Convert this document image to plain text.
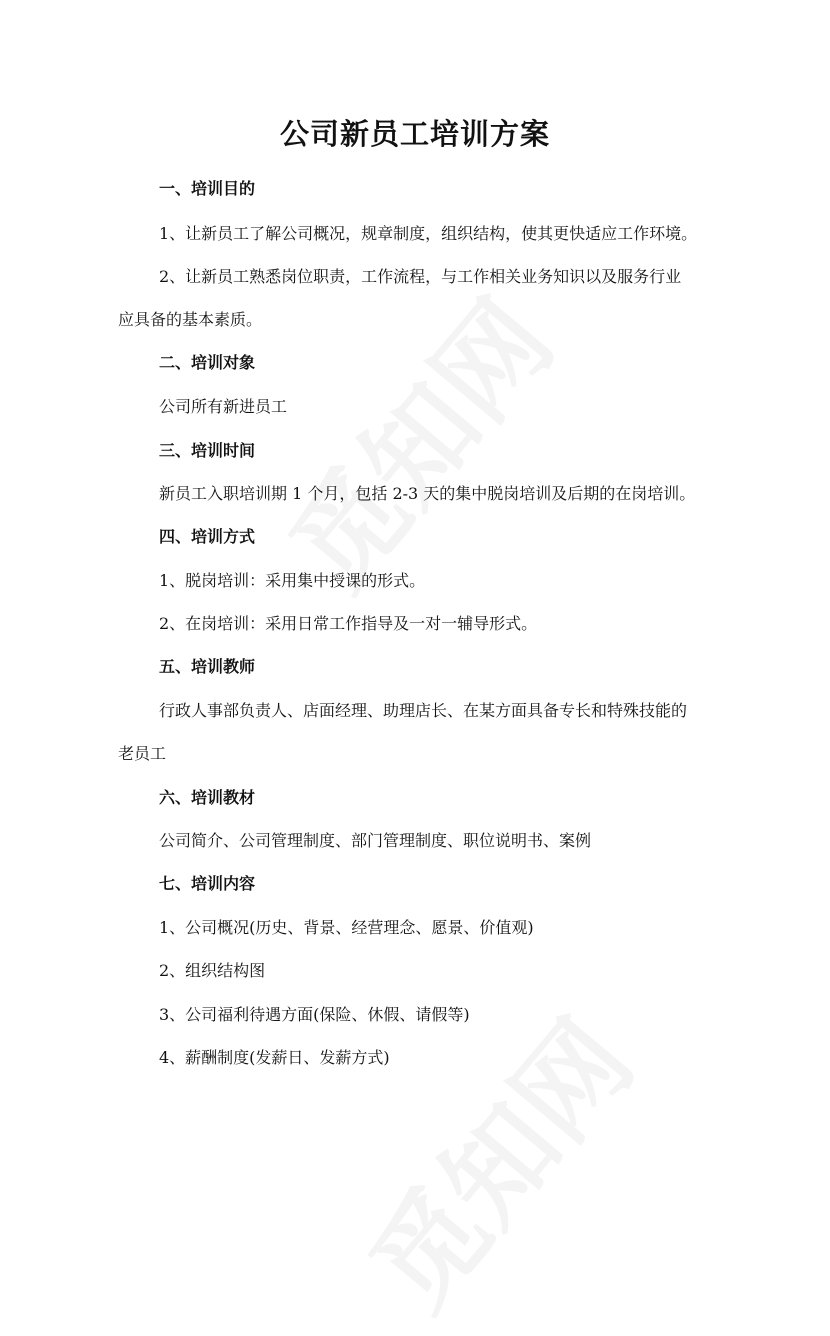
公司新员工培训方案

一、培训目的

1、让新员工了解公司概况，规章制度，组织结构，使其更快适应工作环境。

2、让新员工熟悉岗位职责，工作流程，与工作相关业务知识以及服务行业

应具备的基本素质。

二、培训对象

公司所有新进员工

三、培训时间

新员工入职培训期 1 个月，包括 2-3 天的集中脱岗培训及后期的在岗培训。

四、培训方式

1、脱岗培训：采用集中授课的形式。

2、在岗培训：采用日常工作指导及一对一辅导形式。

五、培训教师

行政人事部负责人、店面经理、助理店长、在某方面具备专长和特殊技能的

老员工

六、培训教材

公司简介、公司管理制度、部门管理制度、职位说明书、案例

七、培训内容

1、公司概况(历史、背景、经营理念、愿景、价值观)

2、组织结构图

3、公司福利待遇方面(保险、休假、请假等)

4、薪酬制度(发薪日、发薪方式)
